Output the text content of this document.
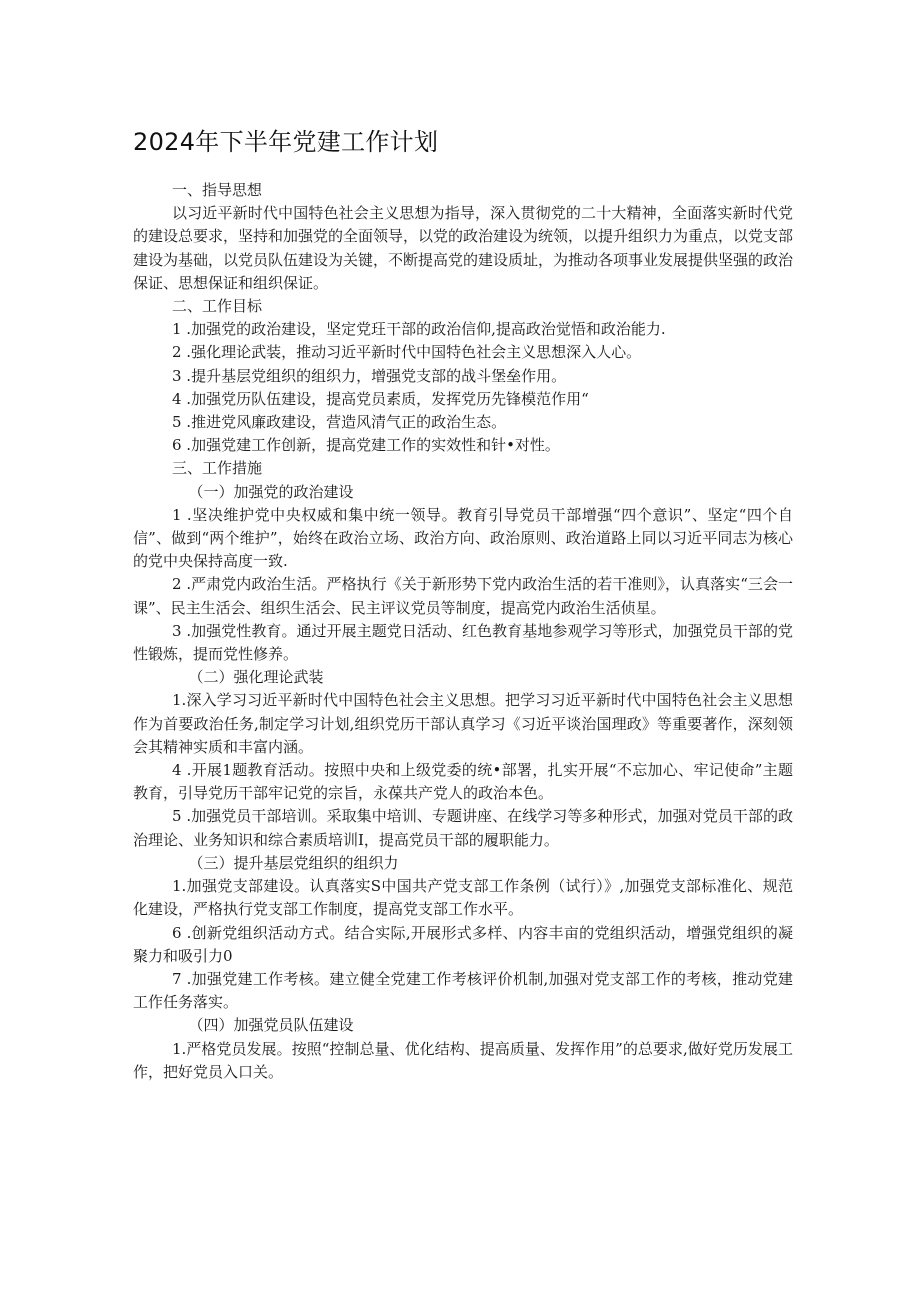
2024年下半年党建工作计划

一、指导思想

以习近平新时代中国特色社会主义思想为指导，深入贯彻党的二十大精神，全面落实新时代党的建设总要求，坚持和加强党的全面领导，以党的政治建设为统领，以提升组织力为重点，以党支部建设为基础，以党员队伍建设为关键，不断提高党的建设质址，为推动各项事业发展提供坚强的政治保证、思想保证和组织保证。

二、工作目标

1 .加强党的政治建设，坚定党玨干部的政治信仰,提高政治觉悟和政治能力.

2 .强化理论武装，推动习近平新时代中国特色社会主义思想深入人心。

3 .提升基层党组织的组织力，增强党支部的战斗堡垒作用。

4 .加强党历队伍建设，提高党员素质，发挥党历先锋模范作用“

5 .推进党风廉政建设，营造风清气正的政治生态。

6 .加强党建工作创新，提高党建工作的实效性和针•对性。

三、工作措施

（一）加强党的政治建设

1 .坚决维护党中央权威和集中统一领导。教育引导党员干部增强“四个意识”、坚定“四个自信”、做到“两个维护”，始终在政治立场、政治方向、政治原则、政治道路上同以习近平同志为核心的党中央保持高度一致.

2 .严肃党内政治生活。严格执行《关于新形势下党内政治生活的若干准则》，认真落实“三会一课”、民主生活会、组织生活会、民主评议党员等制度，提高党内政治生活侦星。

3 .加强党性教育。通过开展主题党日活动、红色教育基地参观学习等形式，加强党员干部的党性锻炼，提而党性修养。

（二）强化理论武装

1.深入学习习近平新时代中国特色社会主义思想。把学习习近平新时代中国特色社会主义思想作为首要政治任务,制定学习计划,组织党历干部认真学习《习近平谈治国理政》等重要著作，深刻领会其精神实质和丰富内涵。

4 .开展1题教育活动。按照中央和上级党委的统•部署，扎实开展“不忘加心、牢记使命”主题教育，引导党历干部牢记党的宗旨，永葆共产党人的政治本色。

5 .加强党员干部培训。采取集中培训、专题讲座、在线学习等多种形式，加强对党员干部的政治理论、业务知识和综合素质培训I，提高党员干部的履职能力。

（三）提升基层党组织的组织力

1.加强党支部建设。认真落实S中国共产党支部工作条例（试行）》,加强党支部标准化、规范化建设，严格执行党支部工作制度，提高党支部工作水平。

6 .创新党组织活动方式。结合实际,开展形式多样、内容丰亩的党组织活动，增强党组织的凝聚力和吸引力0

7 .加强党建工作考核。建立健全党建工作考核评价机制,加强对党支部工作的考核，推动党建工作任务落实。

（四）加强党员队伍建设

1.严格党员发展。按照“控制总量、优化结构、提高质量、发挥作用”的总要求,做好党历发展工作，把好党员入口关。
